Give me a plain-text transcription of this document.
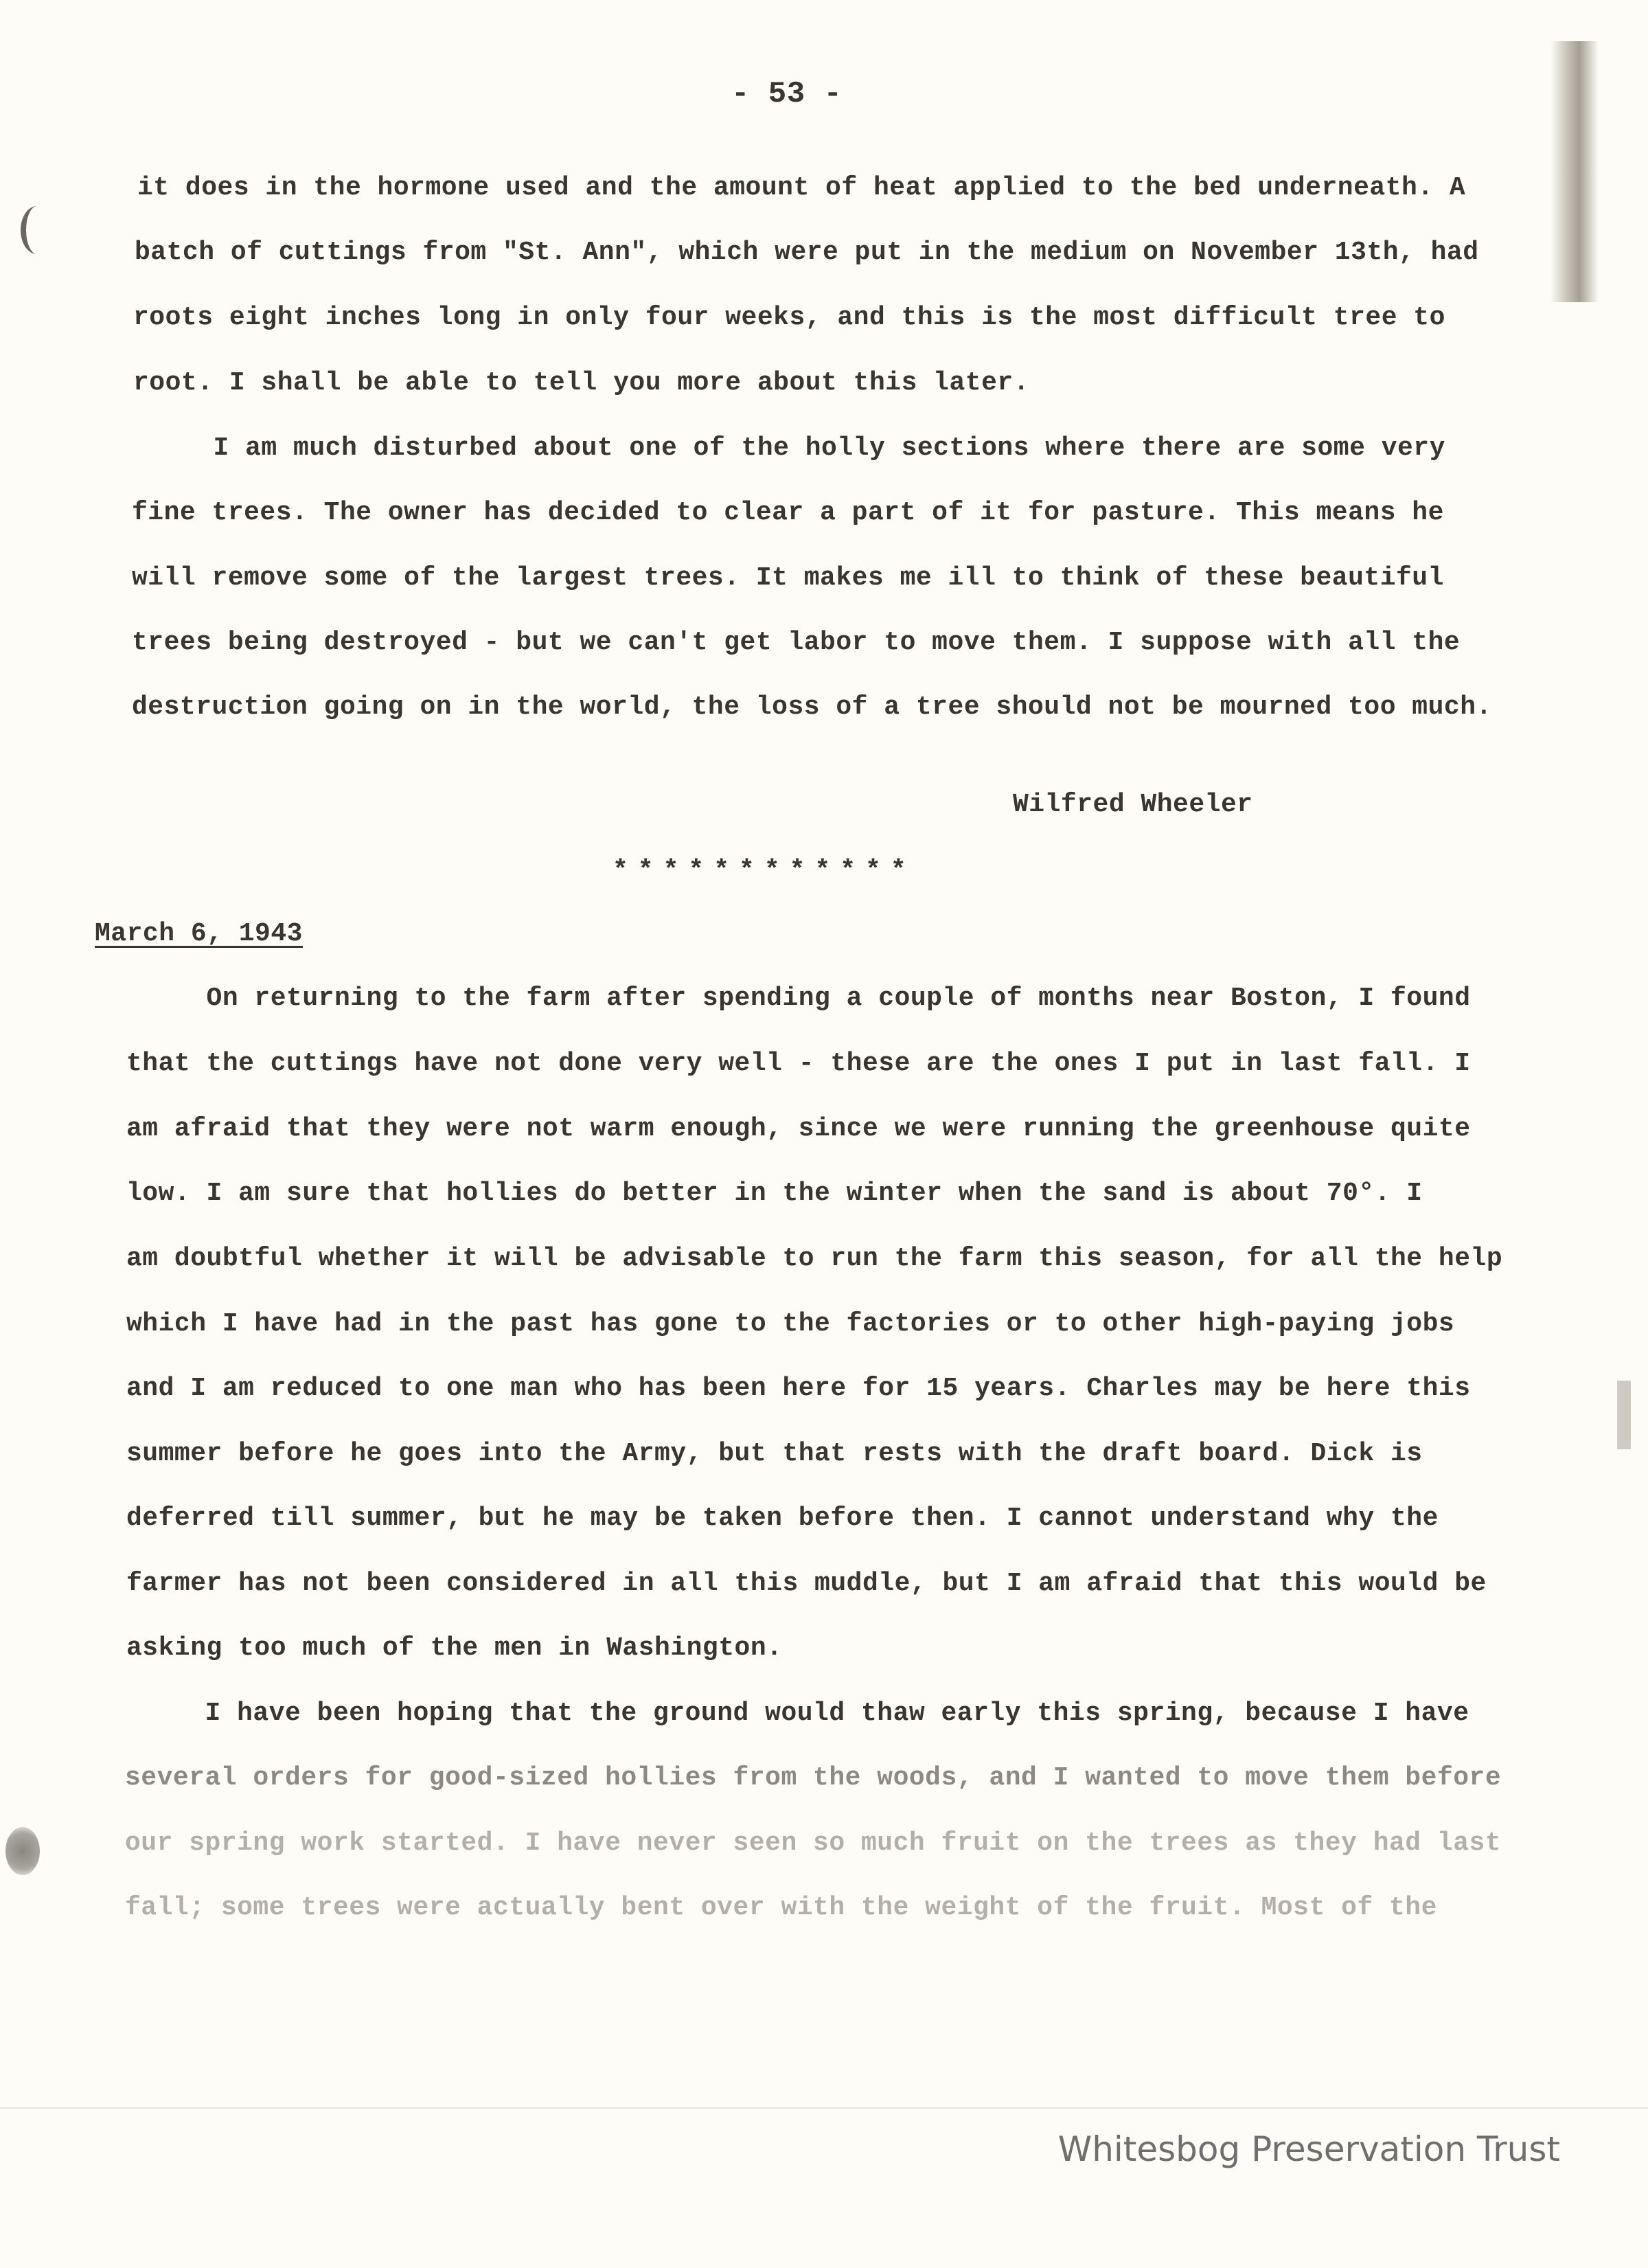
- 53 -
it does in the hormone used and the amount of heat applied to the bed underneath. A
batch of cuttings from "St. Ann", which were put in the medium on November 13th, had
roots eight inches long in only four weeks, and this is the most difficult tree to
root. I shall be able to tell you more about this later.
I am much disturbed about one of the holly sections where there are some very
fine trees. The owner has decided to clear a part of it for pasture. This means he
will remove some of the largest trees. It makes me ill to think of these beautiful
trees being destroyed - but we can't get labor to move them. I suppose with all the
destruction going on in the world, the loss of a tree should not be mourned too much.
Wilfred Wheeler
************
March 6, 1943
On returning to the farm after spending a couple of months near Boston, I found
that the cuttings have not done very well - these are the ones I put in last fall. I
am afraid that they were not warm enough, since we were running the greenhouse quite
low. I am sure that hollies do better in the winter when the sand is about 70°. I
am doubtful whether it will be advisable to run the farm this season, for all the help
which I have had in the past has gone to the factories or to other high-paying jobs
and I am reduced to one man who has been here for 15 years. Charles may be here this
summer before he goes into the Army, but that rests with the draft board. Dick is
deferred till summer, but he may be taken before then. I cannot understand why the
farmer has not been considered in all this muddle, but I am afraid that this would be
asking too much of the men in Washington.
I have been hoping that the ground would thaw early this spring, because I have
several orders for good-sized hollies from the woods, and I wanted to move them before
our spring work started. I have never seen so much fruit on the trees as they had last
fall; some trees were actually bent over with the weight of the fruit. Most of the
Whitesbog Preservation Trust
